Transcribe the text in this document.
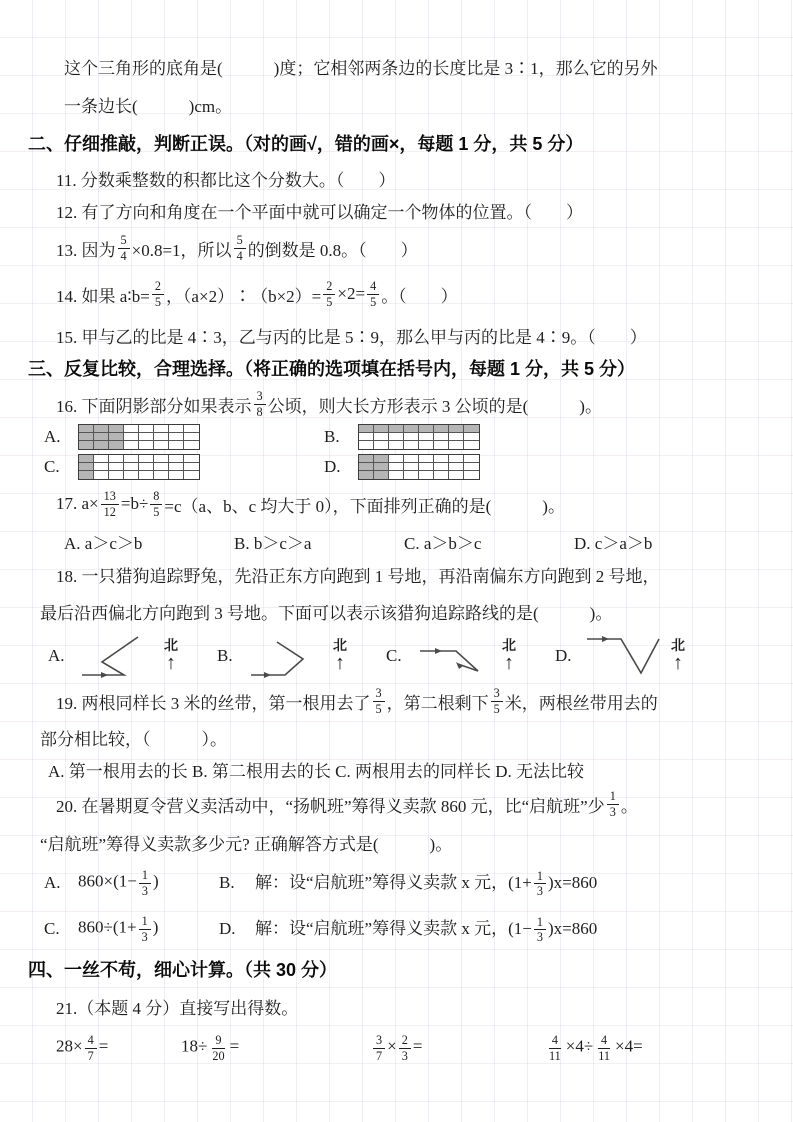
这个三角形的底角是(　　　)度；它相邻两条边的长度比是 3∶1，那么它的另外
一条边长(　　　)cm。
二、仔细推敲，判断正误。（对的画√，错的画×，每题 1 分，共 5 分）
11. 分数乘整数的积都比这个分数大。（　　）
12. 有了方向和角度在一个平面中就可以确定一个物体的位置。（　　）
13. 因为 $\frac{5}{4} \times 0.8=1$，所以 $\frac{5}{4}$ 的倒数是 0.8。（　　）
14. 如果 a∶b= $\frac{2}{5}$ ，（a×2）∶（b×2）= $\frac{2}{5} \times 2= \frac{4}{5}$ 。（　　）
15. 甲与乙的比是 4∶3，乙与丙的比是 5∶9，那么甲与丙的比是 4∶9。（　　）
三、反复比较，合理选择。（将正确的选项填在括号内，每题 1 分，共 5 分）
16. 下面阴影部分如果表示 $\frac{3}{8}$ 公顷，则大长方形表示 3 公顷的是(　　　)。
A.	B.
C.	D.
17. $a\times \frac{13}{12} =b\div \frac{8}{5} =c(a$、b、c 均大于 0），下面排列正确的是(　　　)。
A. a＞c＞b	B. b＞c＞a	C. a＞b＞c	D. c＞a＞b
18. 一只猎狗追踪野兔，先沿正东方向跑到 1 号地，再沿南偏东方向跑到 2 号地，
最后沿西偏北方向跑到 3 号地。下面可以表示该猎狗追踪路线的是(　　　)。
A.	北
↑ B.	北
↑ C.	北
↑ D.	北
↑
19. 两根同样长 3 米的丝带，第一根用去了 $\frac{3}{5}$ ，第二根剩下 $\frac{3}{5}$ 米，两根丝带用去的
部分相比较，（　　　）。
A. 第一根用去的长 B. 第二根用去的长 C. 两根用去的同样长 D. 无法比较
20. 在暑期夏令营义卖活动中，“扬帆班”筹得义卖款 860 元，比“启航班”少 $\frac{1}{3}$ 。
“启航班”筹得义卖款多少元? 正确解答方式是(　　　)。
A.	$860\times(1- \frac{1}{3}$ )	B.	解：设“启航班”筹得义卖款 x 元，$(1+ \frac{1}{3} )x=860$
C.	$860\div(1+ \frac{1}{3}$ )	D.	解：设“启航班”筹得义卖款 x 元，$(1- \frac{1}{3} )x=860$
四、一丝不苟，细心计算。（共 30 分）
21.（本题 4 分）直接写出得数。
$28\times \frac{4}{7}$ =	$18\div \frac{9}{20}$ =	$\frac{3}{7} \times \frac{2}{3}$ =	$\frac{4}{11} \times 4\div \frac{4}{11} \times 4=$
